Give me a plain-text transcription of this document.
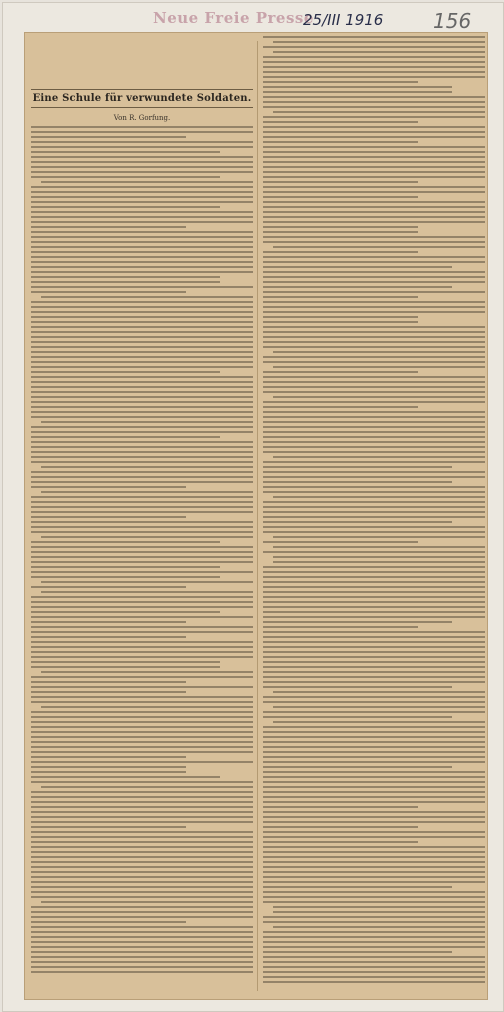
Neue Freie Presse
25/III 1916 156
Eine Schule für verwundete Soldaten.
Von R. Gorfung.
